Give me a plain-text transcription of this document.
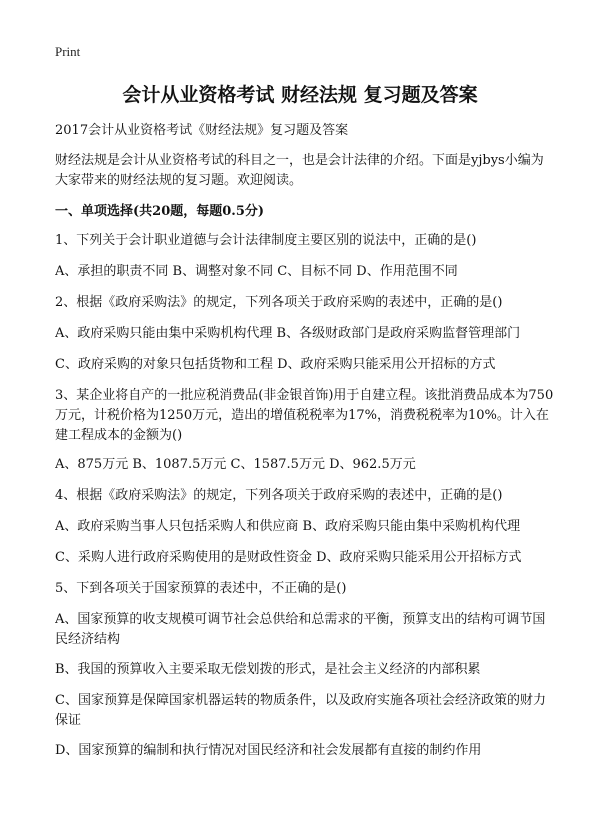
Print
会计从业资格考试 财经法规 复习题及答案
2017会计从业资格考试《财经法规》复习题及答案
财经法规是会计从业资格考试的科目之一，也是会计法律的介绍。下面是yjbys小编为大家带来的财经法规的复习题。欢迎阅读。
一、单项选择(共20题，每题0.5分)
1、下列关于会计职业道德与会计法律制度主要区别的说法中，正确的是()
A、承担的职责不同 B、调整对象不同 C、目标不同 D、作用范围不同
2、根据《政府采购法》的规定，下列各项关于政府采购的表述中，正确的是()
A、政府采购只能由集中采购机构代理 B、各级财政部门是政府采购监督管理部门
C、政府采购的对象只包括货物和工程 D、政府采购只能采用公开招标的方式
3、某企业将自产的一批应税消费品(非金银首饰)用于自建立程。该批消费品成本为750万元，计税价格为1250万元，造出的增值税税率为17%，消费税税率为10%。计入在建工程成本的金额为()
A、875万元 B、1087.5万元 C、1587.5万元 D、962.5万元
4、根据《政府采购法》的规定，下列各项关于政府采购的表述中，正确的是()
A、政府采购当事人只包括采购人和供应商 B、政府采购只能由集中采购机构代理
C、采购人进行政府采购使用的是财政性资金 D、政府采购只能采用公开招标方式
5、下到各项关于国家预算的表述中，不正确的是()
A、国家预算的收支规模可调节社会总供给和总需求的平衡，预算支出的结构可调节国民经济结构
B、我国的预算收入主要采取无偿划拨的形式，是社会主义经济的内部积累
C、国家预算是保障国家机器运转的物质条件，以及政府实施各项社会经济政策的财力保证
D、国家预算的编制和执行情况对国民经济和社会发展都有直接的制约作用
